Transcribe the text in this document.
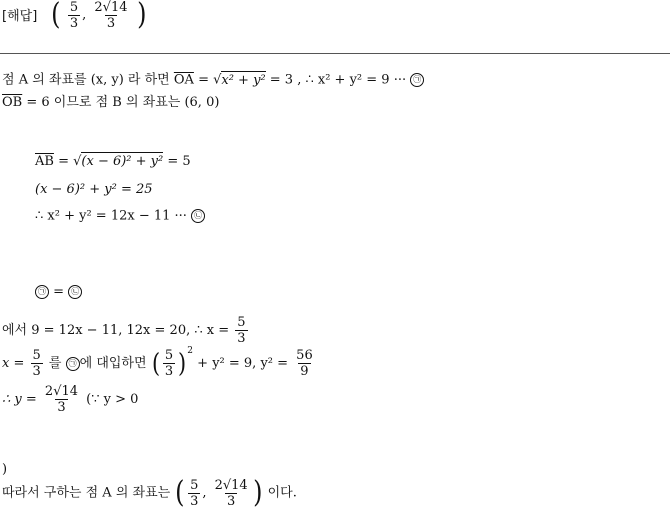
[해답] ( $\frac{5}{3}$ , $\frac{2√14}{3}$ )
점 A 의 좌표를 (x, y) 라 하면 $\overline{OA} = √x^2 + y^2 = 3$ , ∴ x² + y² = 9 ··· ㉠
$\overline{OB} = 6$ 이므로 점 B 의 좌표는 (6, 0)
$\overline{AB} = √(x - 6)^2 + y^2 = 5$
(x − 6)² + y² = 25
∴ x² + y² = 12x − 11 ··· ㉡
㉠ = ㉡
에서 9 = 12x − 11, 12x = 20, ∴ $x = \frac{5}{3}$
$x = \frac{5}{3}$ 를 ㉠ 에 대입하면 ( $\frac{5}{3} )^2 + y^2 = 9$, $y^2 = \frac{56}{9}$
∴ $y = \frac{2√14}{3}$ (∵ y > 0
)
따라서 구하는 점 A 의 좌표는 ( $\frac{5}{3}$ , $\frac{2√14}{3}$ ) 이다.
